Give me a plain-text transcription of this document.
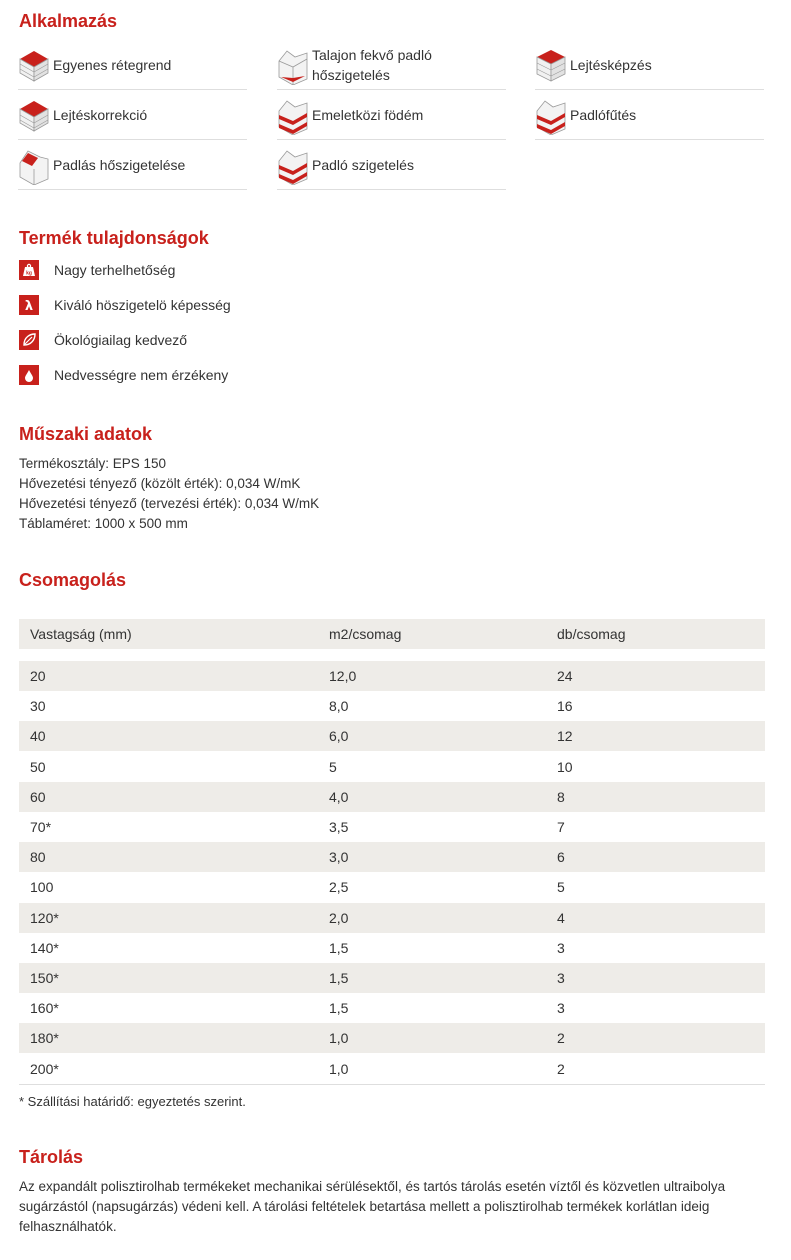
Alkalmazás
Egyenes rétegrend
Talajon fekvő padló
hőszigetelés
Lejtésképzés
Lejtéskorrekció	Emeletközi födém	Padlófűtés
Padlás hőszigetelése	Padló szigetelés
Termék tulajdonságok
kg Nagy terhelhetőség
λ Kiváló höszigetelö képesség
Ökológiailag kedvező
Nedvességre nem érzékeny
Műszaki adatok
Termékosztály: EPS 150
Hővezetési tényező (közölt érték): 0,034 W/mK
Hővezetési tényező (tervezési érték): 0,034 W/mK
Táblaméret: 1000 x 500 mm
Csomagolás
Vastagság (mm)	m2/csomag	db/csomag
20	12,0	24
30	8,0	16
40	6,0	12
50	5	10
60	4,0	8
70*	3,5	7
80	3,0	6
100	2,5	5
120*	2,0	4
140*	1,5	3
150*	1,5	3
160*	1,5	3
180*	1,0	2
200*	1,0	2
* Szállítási határidő: egyeztetés szerint.
Tárolás
Az expandált polisztirolhab termékeket mechanikai sérülésektől, és tartós tárolás esetén víztől és közvetlen ultraibolya sugárzástól (napsugárzás) védeni kell. A tárolási feltételek betartása mellett a polisztirolhab termékek korlátlan ideig felhasználhatók.
